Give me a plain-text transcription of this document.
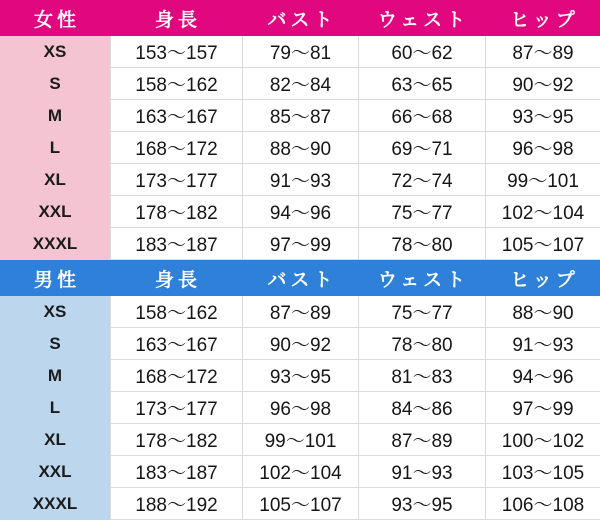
女性	身長	バスト	ウェスト	ヒップ
XS	153〜157	79〜81	60〜62	87〜89
S	158〜162	82〜84	63〜65	90〜92
M	163〜167	85〜87	66〜68	93〜95
L	168〜172	88〜90	69〜71	96〜98
XL	173〜177	91〜93	72〜74	99〜101
XXL	178〜182	94〜96	75〜77	102〜104
XXXL	183〜187	97〜99	78〜80	105〜107
男性	身長	バスト	ウェスト	ヒップ
XS	158〜162	87〜89	75〜77	88〜90
S	163〜167	90〜92	78〜80	91〜93
M	168〜172	93〜95	81〜83	94〜96
L	173〜177	96〜98	84〜86	97〜99
XL	178〜182	99〜101	87〜89	100〜102
XXL	183〜187	102〜104	91〜93	103〜105
XXXL	188〜192	105〜107	93〜95	106〜108
